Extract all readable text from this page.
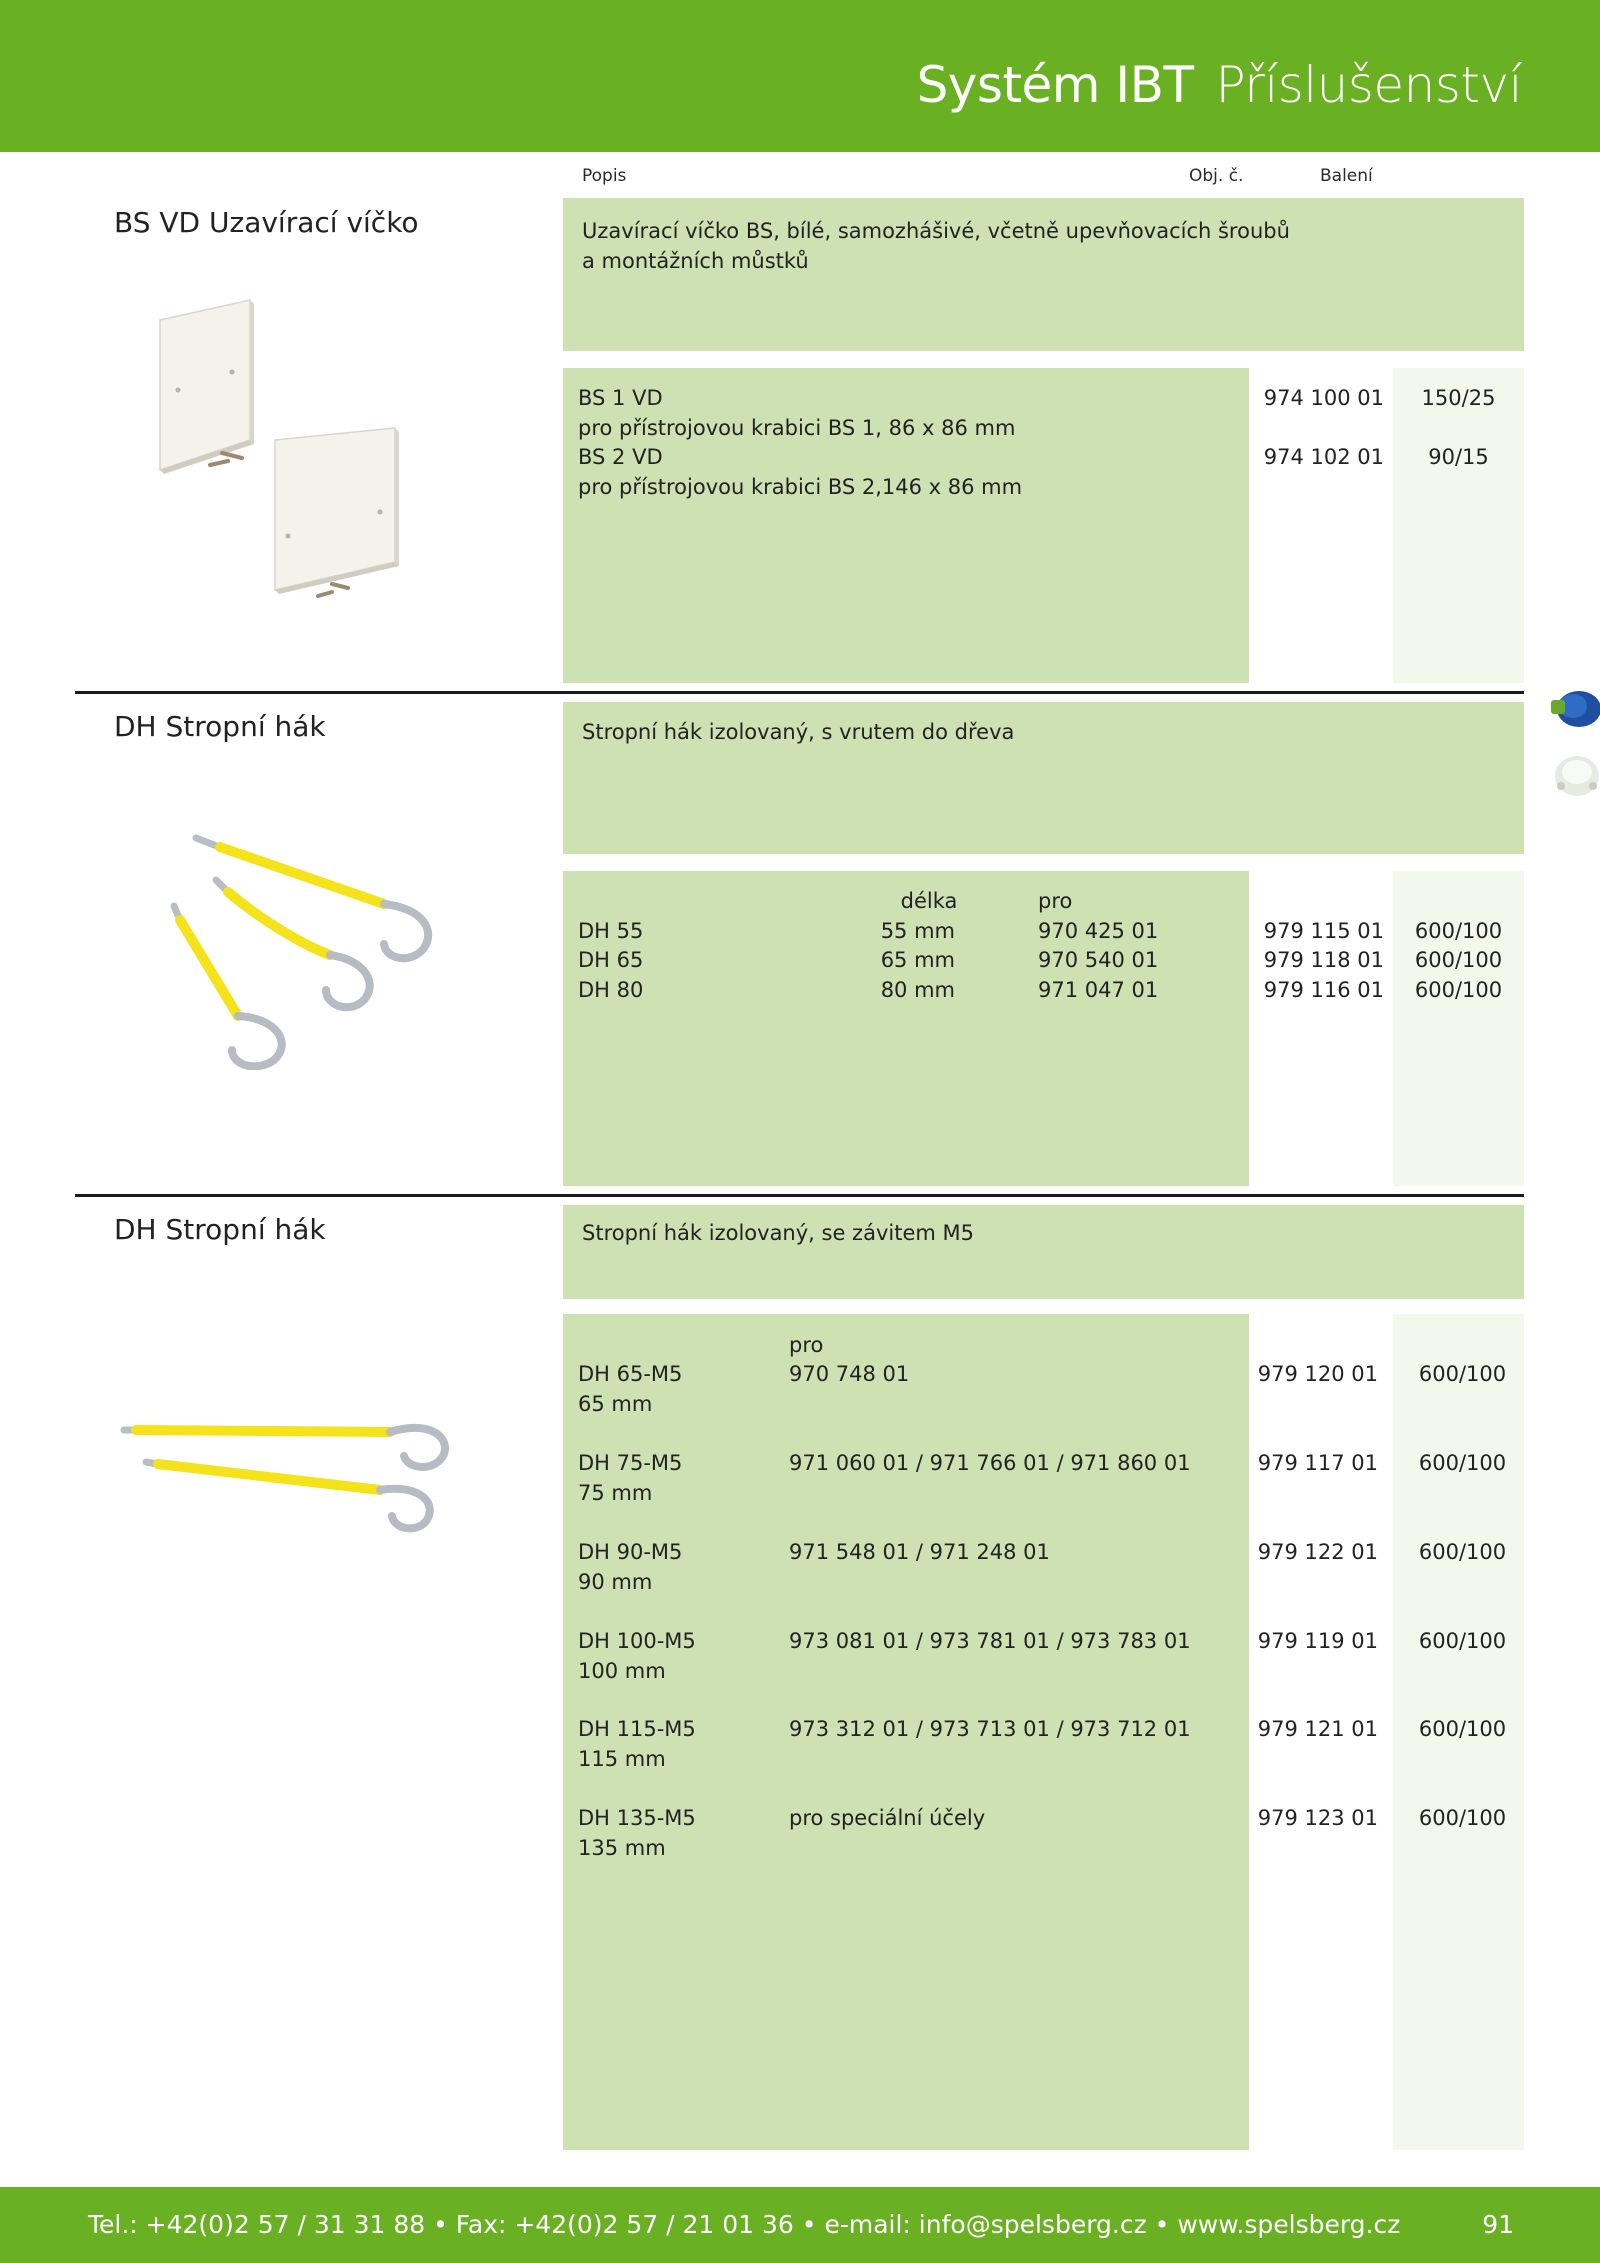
Systém IBT Příslušenství
Popis	Obj. č.	Balení
BS VD Uzavírací víčko	Uzavírací víčko BS, bílé, samozhášivé, včetně upevňovacích šroubů
a montážních můstků
BS 1 VD
pro přístrojovou krabici BS 1, 86 x 86 mm
974 100 01	150/25
BS 2 VD
pro přístrojovou krabici BS 2,146 x 86 mm
974 102 01	90/15
DH Stropní hák	Stropní hák izolovaný, s vrutem do dřeva
délka	pro
DH 55	55 mm	970 425 01	979 115 01	600/100
DH 65	65 mm	970 540 01	979 118 01	600/100
DH 80	80 mm	971 047 01	979 116 01	600/100
DH Stropní hák	Stropní hák izolovaný, se závitem M5
pro
DH 65-M5
65 mm
970 748 01	979 120 01	600/100
DH 75-M5
75 mm
971 060 01 / 971 766 01 / 971 860 01	979 117 01	600/100
DH 90-M5
90 mm
971 548 01 / 971 248 01	979 122 01	600/100
DH 100-M5
100 mm
973 081 01 / 973 781 01 / 973 783 01	979 119 01	600/100
DH 115-M5
115 mm
973 312 01 / 973 713 01 / 973 712 01	979 121 01	600/100
DH 135-M5
135 mm
pro speciální účely	979 123 01	600/100
Tel.: +42(0)2 57 / 31 31 88 • Fax: +42(0)2 57 / 21 01 36 • e-mail: info@spelsberg.cz • www.spelsberg.cz	91
